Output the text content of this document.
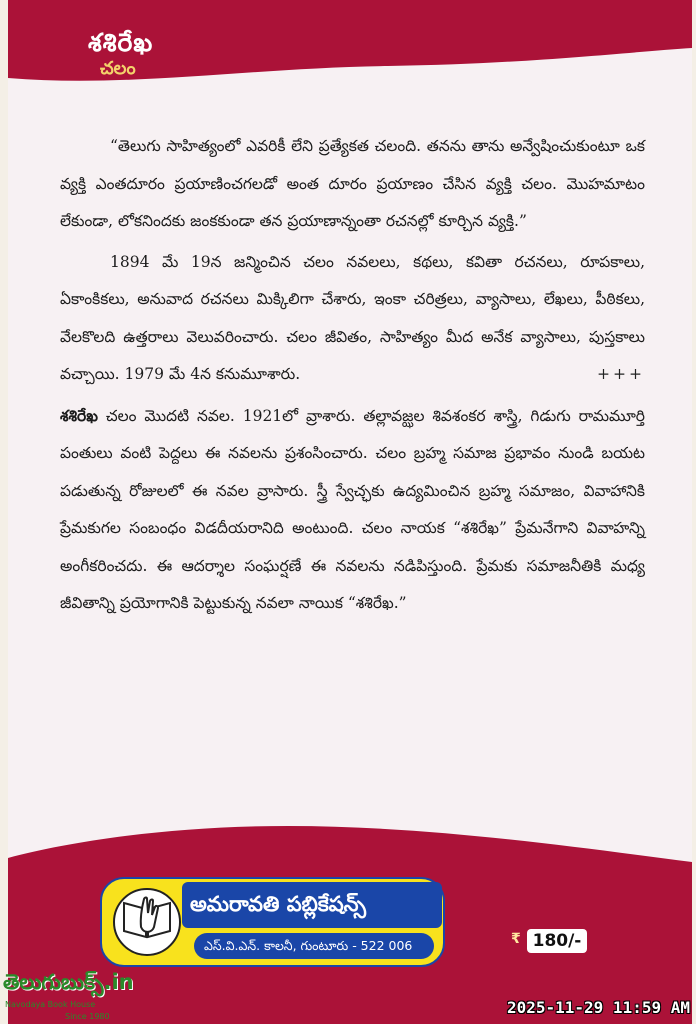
శశిరేఖ
చలం

“తెలుగు సాహిత్యంలో ఎవరికీ లేని ప్రత్యేకత చలంది. తనను తాను అన్వేషించుకుంటూ ఒక వ్యక్తి ఎంతదూరం ప్రయాణించగలడో అంత దూరం ప్రయాణం చేసిన వ్యక్తి చలం. మొహమాటం లేకుండా, లోకనిందకు జంకకుండా తన ప్రయాణాన్నంతా రచనల్లో కూర్చిన వ్యక్తి.”

1894 మే 19న జన్మించిన చలం నవలలు, కథలు, కవితా రచనలు, రూపకాలు, ఏకాంకికలు, అనువాద రచనలు మిక్కిలిగా చేశారు, ఇంకా చరిత్రలు, వ్యాసాలు, లేఖలు, పీఠికలు, వేలకొలది ఉత్తరాలు వెలువరించారు. చలం జీవితం, సాహిత్యం మీద అనేక వ్యాసాలు, పుస్తకాలు వచ్చాయి. 1979 మే 4న కనుమూశారు.	+++

శశిరేఖ చలం మొదటి నవల. 1921లో వ్రాశారు. తల్లావజ్ఝల శివశంకర శాస్త్రి, గిడుగు రామమూర్తి పంతులు వంటి పెద్దలు ఈ నవలను ప్రశంసించారు. చలం బ్రహ్మ సమాజ ప్రభావం నుండి బయట పడుతున్న రోజులలో ఈ నవల వ్రాసారు. స్త్రీ స్వేచ్ఛకు ఉద్యమించిన బ్రహ్మ సమాజం, వివాహానికి ప్రేమకుగల సంబంధం విడదీయరానిది అంటుంది. చలం నాయక “శశిరేఖ” ప్రేమనేగాని వివాహన్ని అంగీకరించదు. ఈ ఆదర్శాల సంఘర్షణే ఈ నవలను నడిపిస్తుంది. ప్రేమకు సమాజనీతికి మధ్య జీవితాన్ని ప్రయోగానికి పెట్టుకున్న నవలా నాయిక “శశిరేఖ.”

అమరావతి పబ్లికేషన్స్
ఎస్.వి.ఎన్. కాలనీ, గుంటూరు - 522 006	₹ 180/-
తెలుగుబుక్స్.in
Navodaya Book House
Since 1980	2025-11-29 11:59 AM
